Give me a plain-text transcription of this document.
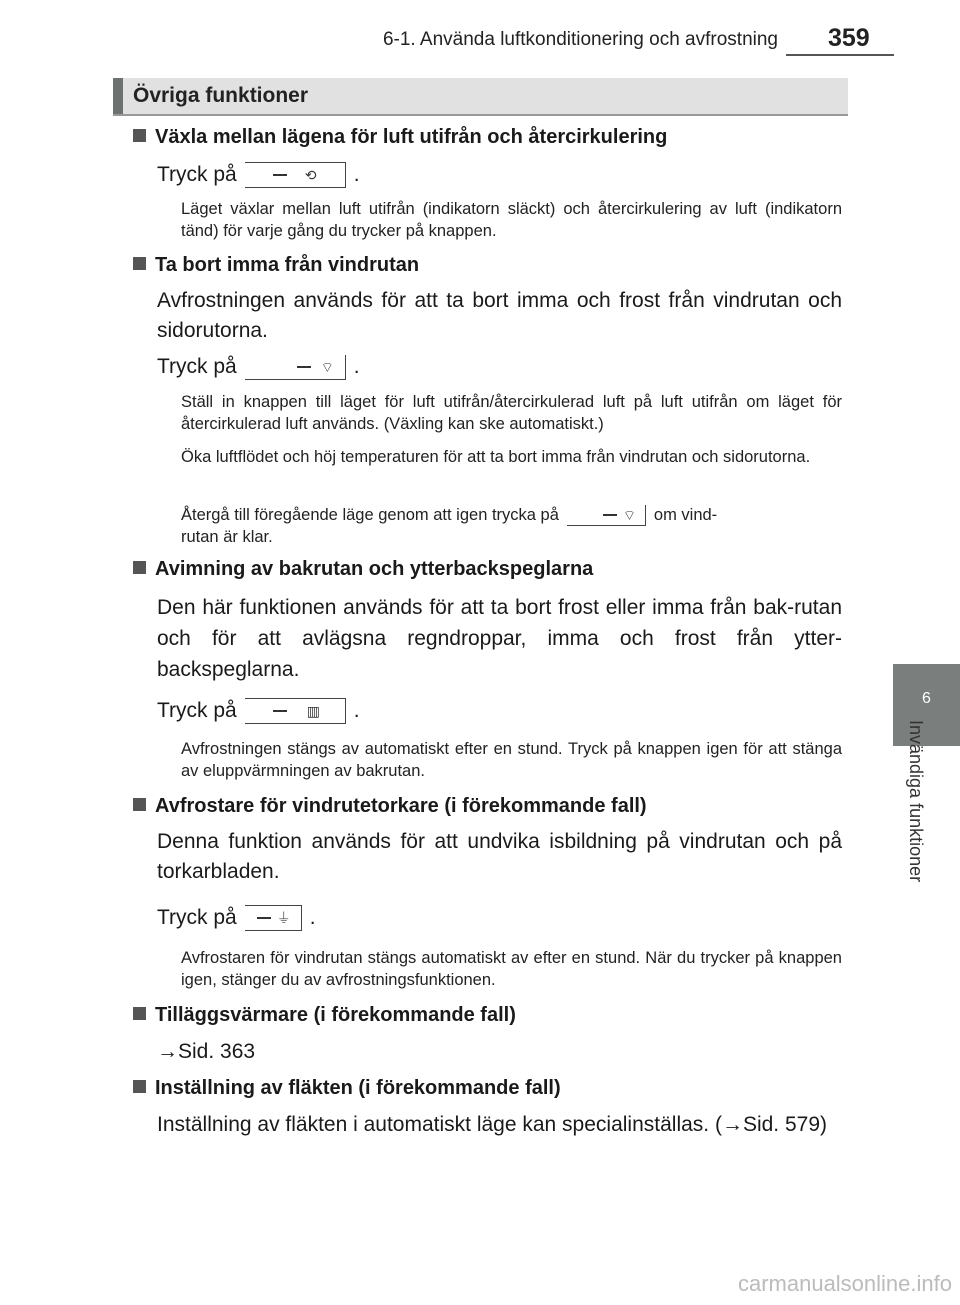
6-1. Använda luftkonditionering och avfrostning 359
6
Invändiga funktioner
Övriga funktioner
Växla mellan lägena för luft utifrån och återcirkulering
Tryck på	⟲ .
Läget växlar mellan luft utifrån (indikatorn släckt) och återcirkulering av luft (indikatorn tänd) för varje gång du trycker på knappen.
Ta bort imma från vindrutan
Avfrostningen används för att ta bort imma och frost från vindrutan och sidorutorna.
Tryck på	⌔ .
Ställ in knappen till läget för luft utifrån/återcirkulerad luft på luft utifrån om läget för återcirkulerad luft används. (Växling kan ske automatiskt.)
Öka luftflödet och höj temperaturen för att ta bort imma från vindrutan och sidorutorna.
Återgå till föregående läge genom att igen trycka på	⌔ om vind-
rutan är klar.
Avimning av bakrutan och ytterbackspeglarna
Den här funktionen används för att ta bort frost eller imma från bak-rutan och för att avlägsna regndroppar, imma och frost från ytter-backspeglarna.
Tryck på	▥ .
Avfrostningen stängs av automatiskt efter en stund. Tryck på knappen igen för att stänga av eluppvärmningen av bakrutan.
Avfrostare för vindrutetorkare (i förekommande fall)
Denna funktion används för att undvika isbildning på vindrutan och på torkarbladen.
Tryck på	⏚ .
Avfrostaren för vindrutan stängs automatiskt av efter en stund. När du trycker på knappen igen, stänger du av avfrostningsfunktionen.
Tilläggsvärmare (i förekommande fall)
→Sid. 363
Inställning av fläkten (i förekommande fall)
Inställning av fläkten i automatiskt läge kan specialinställas. (→Sid. 579)
carmanualsonline.info
